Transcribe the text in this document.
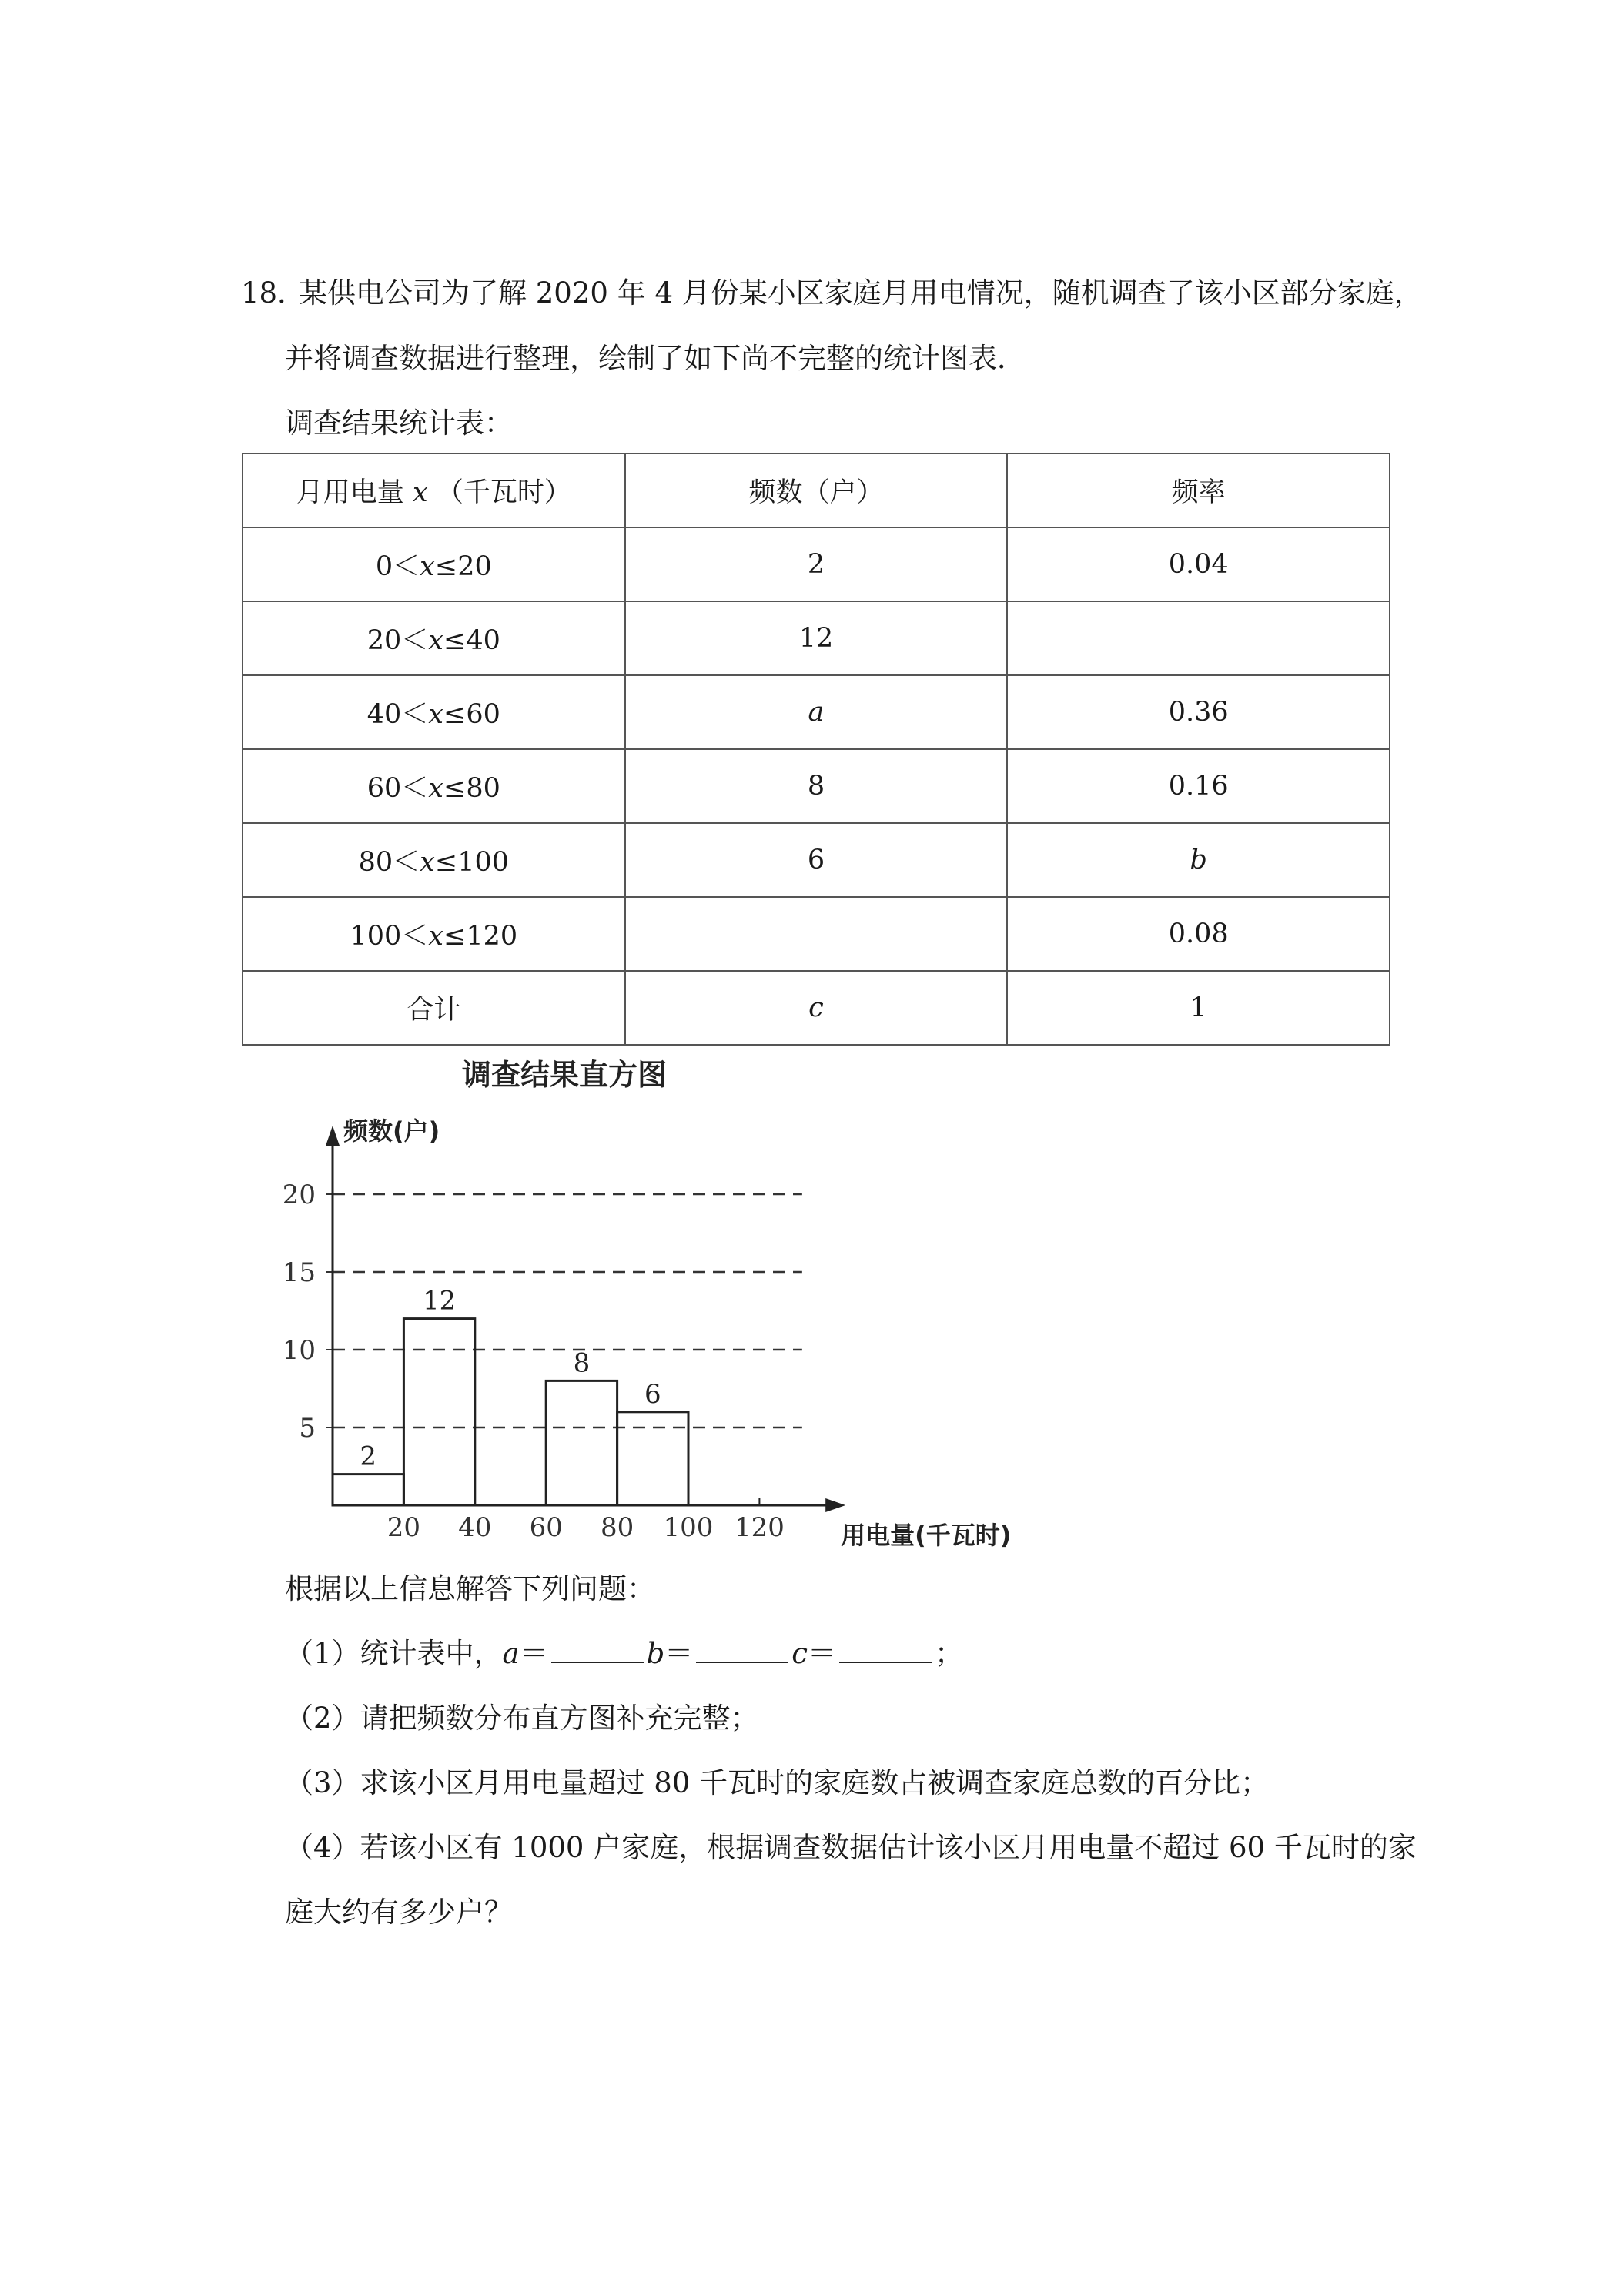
18．
某供电公司为了解 2020 年 4 月份某小区家庭月用电情况，随机调查了该小区部分家庭，
并将调查数据进行整理，绘制了如下尚不完整的统计图表．
调查结果统计表：
月用电量 x （千瓦时）	频数（户）	频率
0＜x≤20	2	0.04
20＜x≤40	12	
40＜x≤60	a	0.36
60＜x≤80	8	0.16
80＜x≤100	6	b
100＜x≤120		0.08
合计	c	1
调查结果直方图
5
10
15
20
频数(户)
20 40 60 80 100 120 用电量(千瓦时)
2
12
8
6
根据以上信息解答下列问题：
（1）统计表中，a＝	b＝	c＝	；
（2）请把频数分布直方图补充完整；
（3）求该小区月用电量超过 80 千瓦时的家庭数占被调查家庭总数的百分比；
（4）若该小区有 1000 户家庭，根据调查数据估计该小区月用电量不超过 60 千瓦时的家
庭大约有多少户？
